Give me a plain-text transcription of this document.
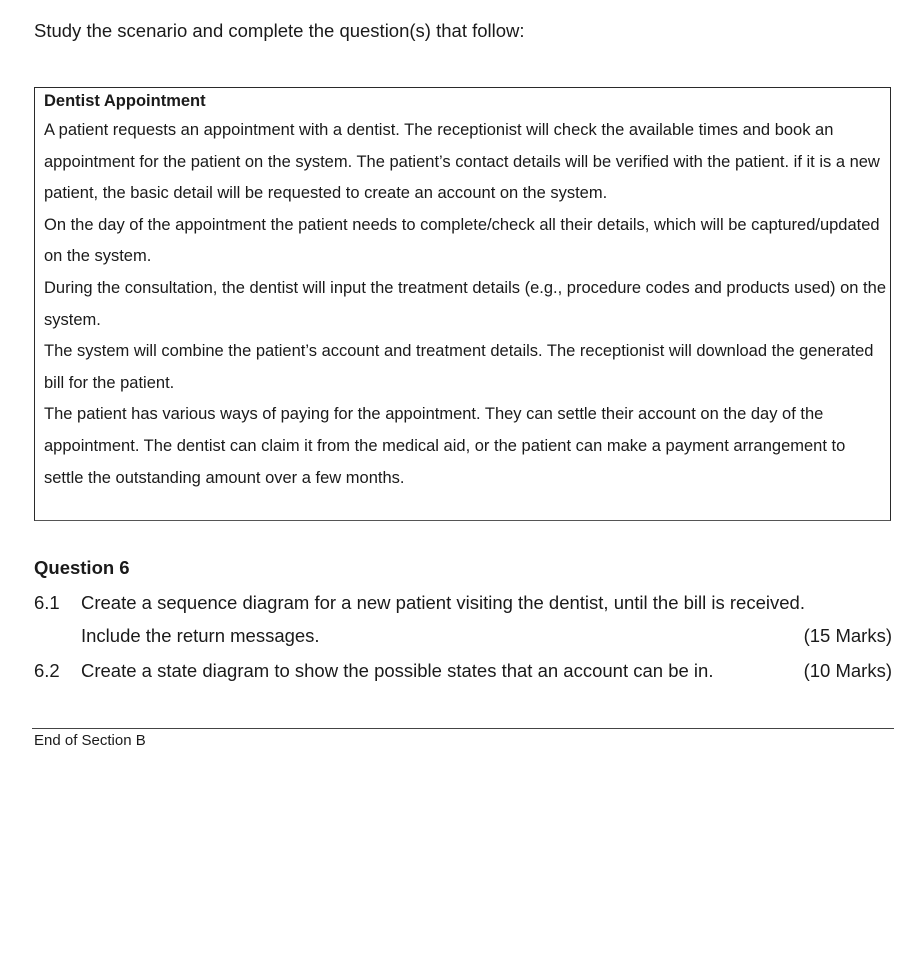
Study the scenario and complete the question(s) that follow:
Dentist Appointment

A patient requests an appointment with a dentist. The receptionist will check the available times and book an appointment for the patient on the system. The patient’s contact details will be verified with the patient. if it is a new patient, the basic detail will be requested to create an account on the system.

On the day of the appointment the patient needs to complete/check all their details, which will be captured/updated on the system.

During the consultation, the dentist will input the treatment details (e.g., procedure codes and products used) on the system.

The system will combine the patient’s account and treatment details. The receptionist will download the generated bill for the patient.

The patient has various ways of paying for the appointment. They can settle their account on the day of the appointment. The dentist can claim it from the medical aid, or the patient can make a payment arrangement to settle the outstanding amount over a few months.

Question 6
6.1 Create a sequence diagram for a new patient visiting the dentist, until the bill is received.
Include the return messages.	(15 Marks)
6.2 Create a state diagram to show the possible states that an account can be in.	(10 Marks)
End of Section B
